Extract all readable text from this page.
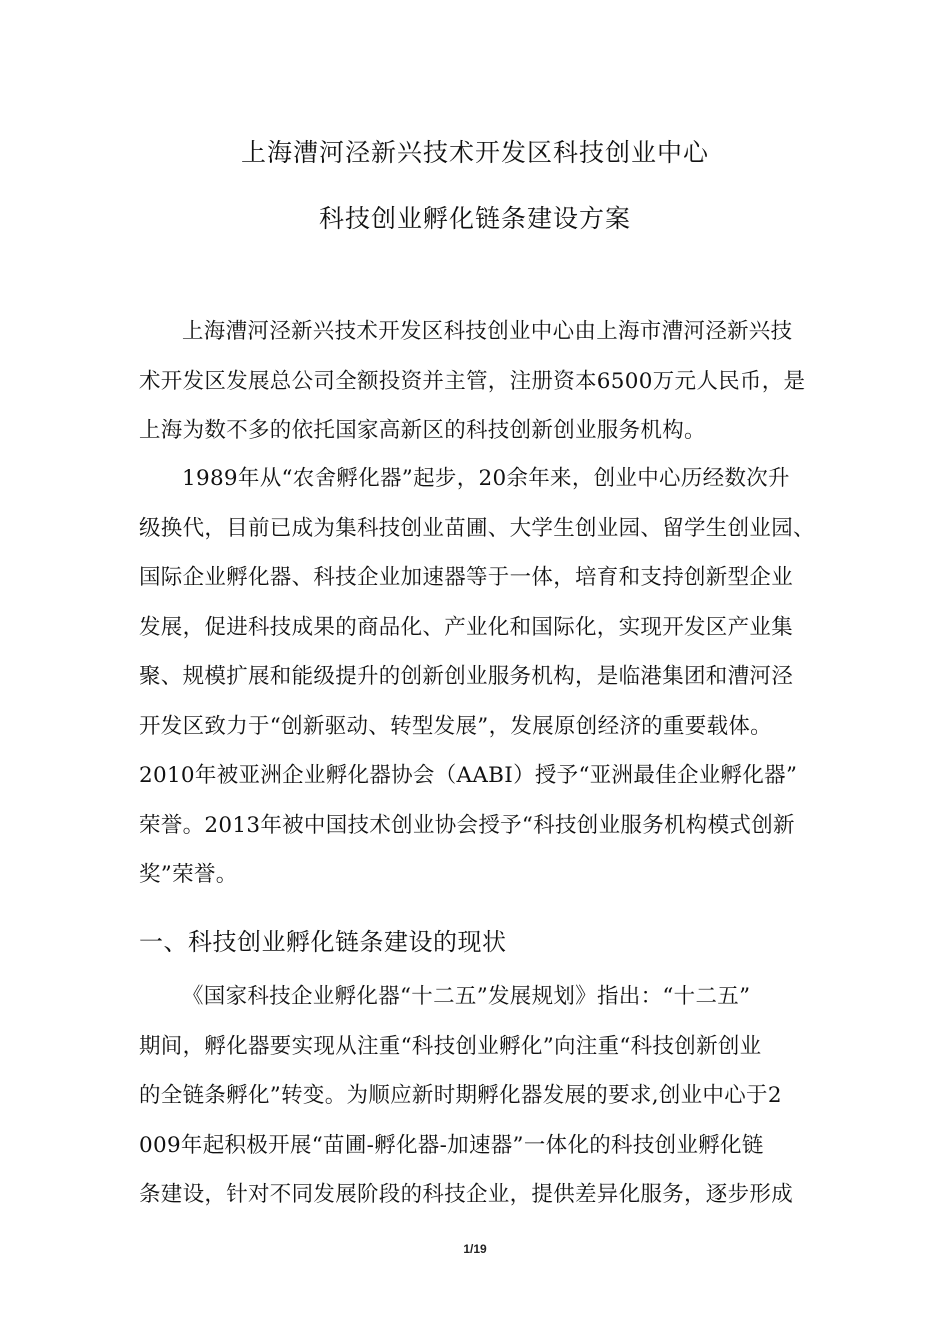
上海漕河泾新兴技术开发区科技创业中心
科技创业孵化链条建设方案
上海漕河泾新兴技术开发区科技创业中心由上海市漕河泾新兴技
术开发区发展总公司全额投资并主管，注册资本6500万元人民币，是
上海为数不多的依托国家高新区的科技创新创业服务机构。
1989年从“农舍孵化器”起步，20余年来，创业中心历经数次升
级换代，目前已成为集科技创业苗圃、大学生创业园、留学生创业园、
国际企业孵化器、科技企业加速器等于一体，培育和支持创新型企业
发展，促进科技成果的商品化、产业化和国际化，实现开发区产业集
聚、规模扩展和能级提升的创新创业服务机构，是临港集团和漕河泾
开发区致力于“创新驱动、转型发展”，发展原创经济的重要载体。
2010年被亚洲企业孵化器协会（AABI）授予“亚洲最佳企业孵化器”
荣誉。2013年被中国技术创业协会授予“科技创业服务机构模式创新
奖”荣誉。
一、科技创业孵化链条建设的现状
《国家科技企业孵化器“十二五”发展规划》指出：“十二五”
期间，孵化器要实现从注重“科技创业孵化”向注重“科技创新创业
的全链条孵化”转变。为顺应新时期孵化器发展的要求,创业中心于2
009年起积极开展“苗圃-孵化器-加速器”一体化的科技创业孵化链
条建设，针对不同发展阶段的科技企业，提供差异化服务，逐步形成
1/19
